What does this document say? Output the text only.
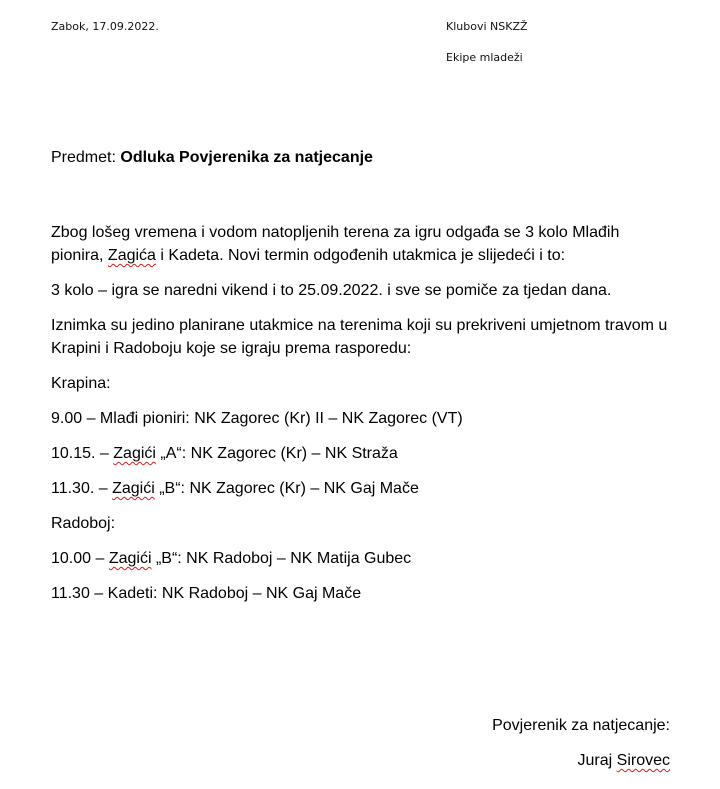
Zabok, 17.09.2022.	Klubovi NSKZŽ
Ekipe mladeži
Predmet: Odluka Povjerenika za natjecanje

Zbog lošeg vremena i vodom natopljenih terena za igru odgađa se 3 kolo Mlađih pionira, Zagića i Kadeta. Novi termin odgođenih utakmica je slijedeći i to:

3 kolo – igra se naredni vikend i to 25.09.2022. i sve se pomiče za tjedan dana.

Iznimka su jedino planirane utakmice na terenima koji su prekriveni umjetnom travom u Krapini i Radoboju koje se igraju prema rasporedu:

Krapina:

9.00 – Mlađi pioniri: NK Zagorec (Kr) II – NK Zagorec (VT)

10.15. – Zagići „A“: NK Zagorec (Kr) – NK Straža

11.30. – Zagići „B“: NK Zagorec (Kr) – NK Gaj Mače

Radoboj:

10.00 – Zagići „B“: NK Radoboj – NK Matija Gubec

11.30 – Kadeti: NK Radoboj – NK Gaj Mače

Povjerenik za natjecanje:
Juraj Sirovec
